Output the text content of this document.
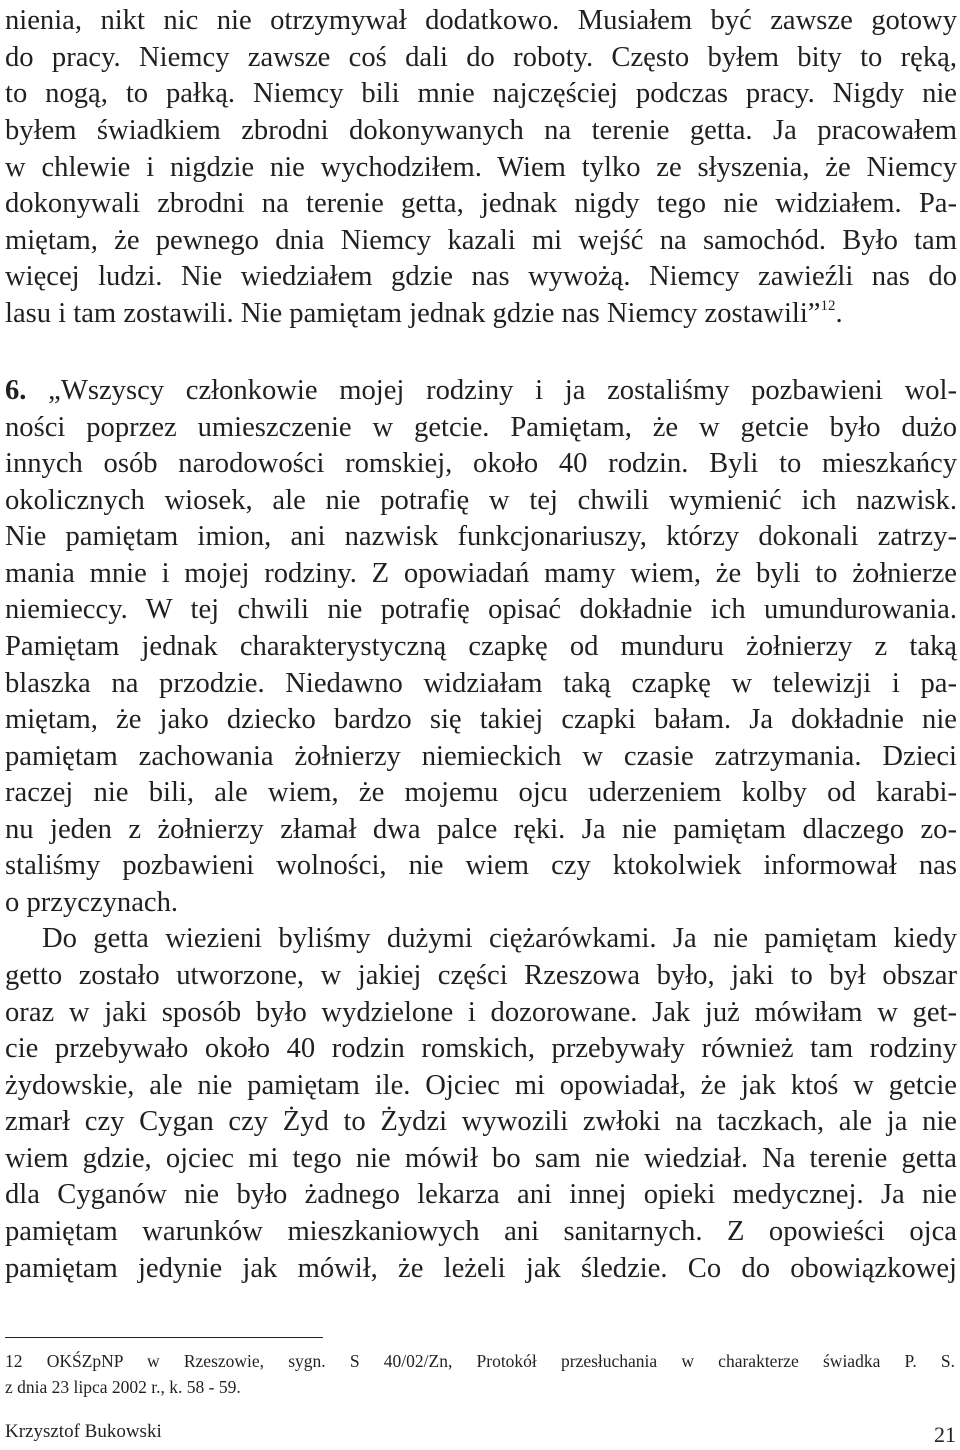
nienia, nikt nic nie otrzymywał dodatkowo. Musiałem być zawsze gotowy
do pracy. Niemcy zawsze coś dali do roboty. Często byłem bity to ręką,
to nogą, to pałką. Niemcy bili mnie najczęściej podczas pracy. Nigdy nie
byłem świadkiem zbrodni dokonywanych na terenie getta. Ja pracowałem
w chlewie i nigdzie nie wychodziłem. Wiem tylko ze słyszenia, że Niemcy
dokonywali zbrodni na terenie getta, jednak nigdy tego nie widziałem. Pa-
miętam, że pewnego dnia Niemcy kazali mi wejść na samochód. Było tam
więcej ludzi. Nie wiedziałem gdzie nas wywożą. Niemcy zawieźli nas do
lasu i tam zostawili. Nie pamiętam jednak gdzie nas Niemcy zostawili”$^{12}$.
6. „Wszyscy członkowie mojej rodziny i ja zostaliśmy pozbawieni wol-
ności poprzez umieszczenie w getcie. Pamiętam, że w getcie było dużo
innych osób narodowości romskiej, około 40 rodzin. Byli to mieszkańcy
okolicznych wiosek, ale nie potrafię w tej chwili wymienić ich nazwisk.
Nie pamiętam imion, ani nazwisk funkcjonariuszy, którzy dokonali zatrzy-
mania mnie i mojej rodziny. Z opowiadań mamy wiem, że byli to żołnierze
niemieccy. W tej chwili nie potrafię opisać dokładnie ich umundurowania.
Pamiętam jednak charakterystyczną czapkę od munduru żołnierzy z taką
blaszka na przodzie. Niedawno widziałam taką czapkę w telewizji i pa-
miętam, że jako dziecko bardzo się takiej czapki bałam. Ja dokładnie nie
pamiętam zachowania żołnierzy niemieckich w czasie zatrzymania. Dzieci
raczej nie bili, ale wiem, że mojemu ojcu uderzeniem kolby od karabi-
nu jeden z żołnierzy złamał dwa palce ręki. Ja nie pamiętam dlaczego zo-
staliśmy pozbawieni wolności, nie wiem czy ktokolwiek informował nas
o przyczynach.
Do getta wiezieni byliśmy dużymi ciężarówkami. Ja nie pamiętam kiedy
getto zostało utworzone, w jakiej części Rzeszowa było, jaki to był obszar
oraz w jaki sposób było wydzielone i dozorowane. Jak już mówiłam w get-
cie przebywało około 40 rodzin romskich, przebywały również tam rodziny
żydowskie, ale nie pamiętam ile. Ojciec mi opowiadał, że jak ktoś w getcie
zmarł czy Cygan czy Żyd to Żydzi wywozili zwłoki na taczkach, ale ja nie
wiem gdzie, ojciec mi tego nie mówił bo sam nie wiedział. Na terenie getta
dla Cyganów nie było żadnego lekarza ani innej opieki medycznej. Ja nie
pamiętam warunków mieszkaniowych ani sanitarnych. Z opowieści ojca
pamiętam jedynie jak mówił, że leżeli jak śledzie. Co do obowiązkowej
12 OKŚZpNP w Rzeszowie, sygn. S 40/02/Zn, Protokół przesłuchania w charakterze świadka P. S.
z dnia 23 lipca 2002 r., k. 58 - 59.
Krzysztof Bukowski	21
